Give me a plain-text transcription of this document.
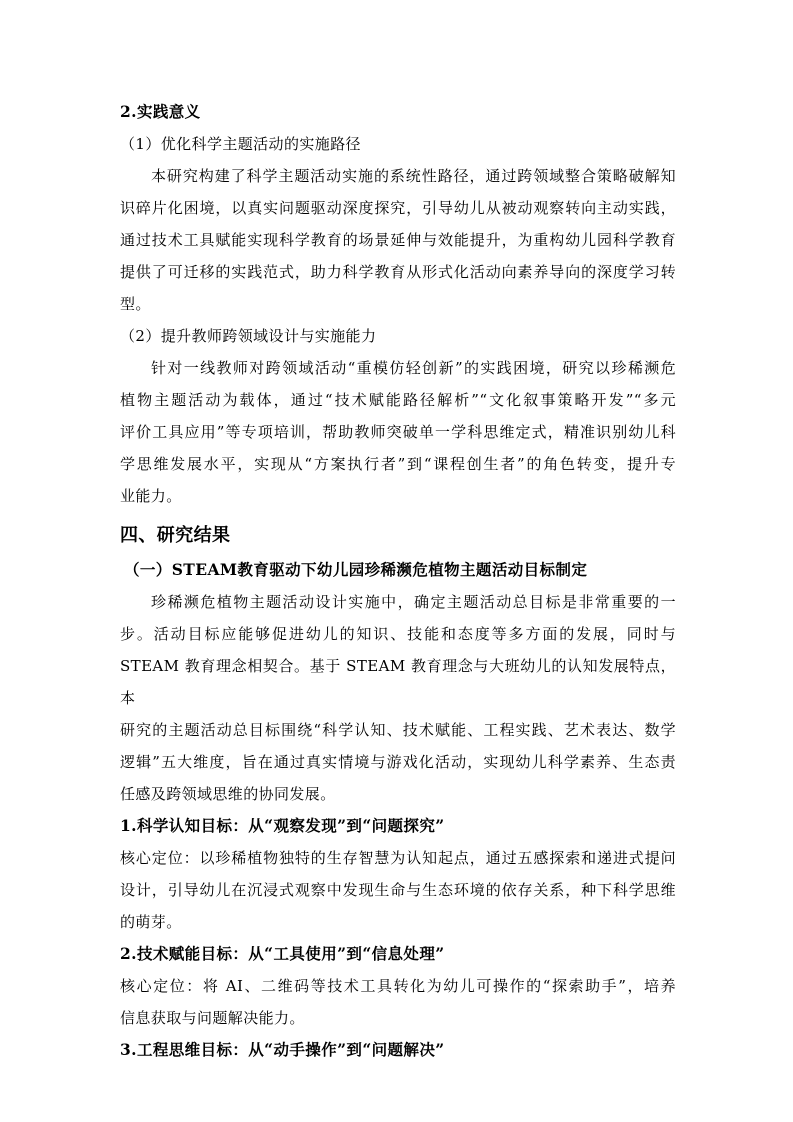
2.实践意义
（1）优化科学主题活动的实施路径
本研究构建了科学主题活动实施的系统性路径，通过跨领域整合策略破解知
识碎片化困境，以真实问题驱动深度探究，引导幼儿从被动观察转向主动实践，
通过技术工具赋能实现科学教育的场景延伸与效能提升，为重构幼儿园科学教育
提供了可迁移的实践范式，助力科学教育从形式化活动向素养导向的深度学习转
型。
（2）提升教师跨领域设计与实施能力
针对一线教师对跨领域活动“重模仿轻创新”的实践困境，研究以珍稀濒危
植物主题活动为载体，通过“技术赋能路径解析”“文化叙事策略开发”“多元
评价工具应用”等专项培训，帮助教师突破单一学科思维定式，精准识别幼儿科
学思维发展水平，实现从“方案执行者”到“课程创生者”的角色转变，提升专
业能力。
四、研究结果
（一）STEAM教育驱动下幼儿园珍稀濒危植物主题活动目标制定
珍稀濒危植物主题活动设计实施中，确定主题活动总目标是非常重要的一
步。活动目标应能够促进幼儿的知识、技能和态度等多方面的发展，同时与
STEAM 教育理念相契合。基于 STEAM 教育理念与大班幼儿的认知发展特点，本
研究的主题活动总目标围绕“科学认知、技术赋能、工程实践、艺术表达、数学
逻辑”五大维度，旨在通过真实情境与游戏化活动，实现幼儿科学素养、生态责
任感及跨领域思维的协同发展。
1.科学认知目标：从“观察发现”到“问题探究”
核心定位：以珍稀植物独特的生存智慧为认知起点，通过五感探索和递进式提问
设计，引导幼儿在沉浸式观察中发现生命与生态环境的依存关系，种下科学思维
的萌芽。
2.技术赋能目标：从“工具使用”到“信息处理”
核心定位：将 AI、二维码等技术工具转化为幼儿可操作的“探索助手”，培养
信息获取与问题解决能力。
3.工程思维目标：从“动手操作”到“问题解决”
